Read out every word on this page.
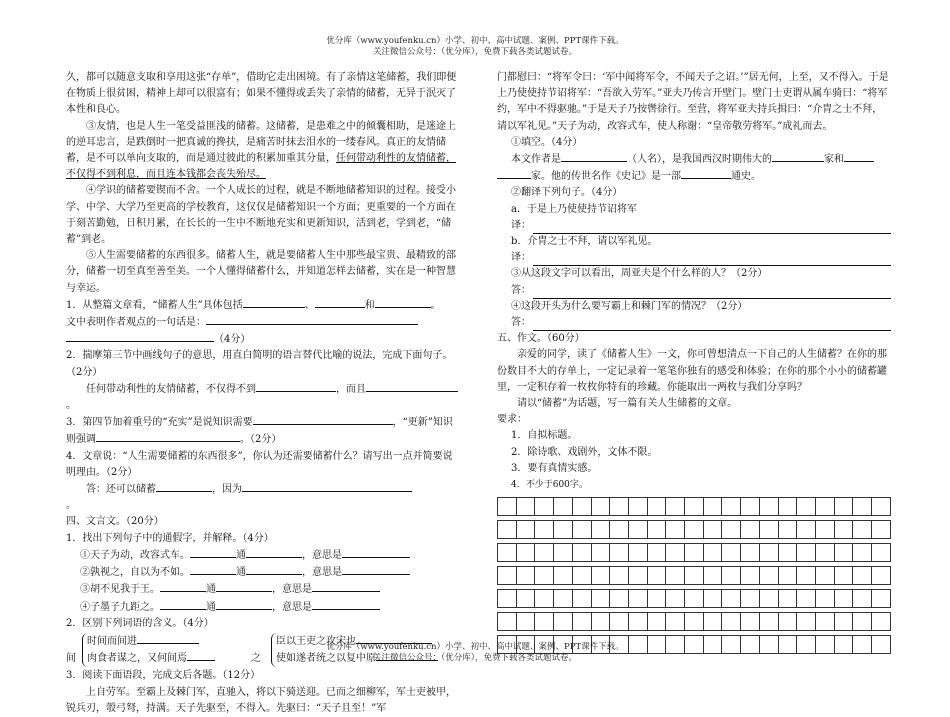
优分库（www.youfenku.cn）小学、初中、高中试题、案例、PPT课件下载。
关注微信公众号：（优分库），免费下载各类试题试卷。

久，都可以随意支取和享用这张“存单”，借助它走出困境。有了亲情这笔储蓄，我们即便在物质上很贫困，精神上却可以很富有；如果不懂得或丢失了亲情的储蓄，无异于泯灭了本性和良心。

③友情，也是人生一笔受益匪浅的储蓄。这储蓄，是患难之中的倾囊相助，是迷途上的逆耳忠言，是跌倒时一把真诚的搀扶，是痛苦时抹去泪水的一缕春风。真正的友情储蓄，是不可以单向支取的，而是通过彼此的积累加重其分量，任何带动利性的友情储蓄，不仅得不到利息，而且连本钱都会丧失殆尽。

④学识的储蓄要锲而不舍。一个人成长的过程，就是不断地储蓄知识的过程。接受小学、中学、大学乃至更高的学校教育，这仅仅是储蓄知识一个方面；更重要的一个方面在于刻苦勤勉，日积月累，在长长的一生中不断地充实和更新知识，活到老，学到老，“储蓄”到老。

⑤人生需要储蓄的东西很多。储蓄人生，就是要储蓄人生中那些最宝贵、最精致的部分，储蓄一切至真至善至美。一个人懂得储蓄什么，并知道怎样去储蓄，实在是一种智慧与幸运。

1．从整篇文章看，“储蓄人生”具体包括	、	和	。

文中表明作者观点的一句话是：

（4分）

2．揣摩第三节中画线句子的意思，用直白简明的语言替代比喻的说法，完成下面句子。（2分）

任何带动利性的友情储蓄，不仅得不到	，而且

。

3．第四节加着重号的“充实”是说知识需要	，“更新”知识则强调	。（2分）

4．文章说：“人生需要储蓄的东西很多”，你认为还需要储蓄什么？请写出一点并简要说明理由。（2分）

答：还可以储蓄	，因为

。

四、文言文。（20分）

1．找出下列句子中的通假字，并解释。（4分）

①天子为动，改容式车。	通	，意思是

②孰视之，自以为不如。	通	，意思是

③胡不见我于王。	通	，意思是

④子墨子九距之。	通	，意思是

2．区别下列词语的含义。（4分）

间
时间而间进
肉食者谋之，又何间焉	之
臣以王吏之攻宋也
使如遂者统之以复中原

3．阅读下面语段，完成文后各题。（12分）

上自劳军。至霸上及棘门军，直驰入，将以下骑送迎。已而之细柳军，军士吏被甲，锐兵刃，彀弓弩，持满。天子先驱至，不得入。先驱曰：“天子且至！”军

门都慰曰：“将军令曰：‘军中闻将军令，不闻天子之诏。’”居无何，上至，又不得入。于是上乃使使持节诏将军：“吾欲入劳军。”亚夫乃传言开壁门。壁门士吏谓从属车骑曰：“将军约，军中不得驱驰。”于是天子乃按辔徐行。至营，将军亚夫持兵揖曰：“介胄之士不拜，请以军礼见。”天子为动，改容式车，使人称谢：“皇帝敬劳将军。”成礼而去。

①填空。（4分）

本文作者是	（人名），是我国西汉时期伟大的	家和

家。他的传世名作《史记》是一部	通史。

②翻译下列句子。（4分）

a．于是上乃使使持节诏将军

译：

b．介胄之士不拜，请以军礼见。

译：

③从这段文字可以看出，周亚夫是个什么样的人？（2分）

答：

④这段开头为什么要写霸上和棘门军的情况？（2分）

答：

五、作文。（60分）

亲爱的同学，读了《储蓄人生》一文，你可曾想清点一下自己的人生储蓄？在你的那份数目不大的存单上，一定记录着一笔笔你独有的感受和体验；在你的那个小小的储蓄罐里，一定积存着一枚枚你特有的珍藏。你能取出一两枚与我们分享吗？

请以“储蓄”为话题，写一篇有关人生储蓄的文章。

要求：

1．自拟标题。

2．除诗歌、戏剧外，文体不限。

3．要有真情实感。

4．不少于600字。

优分库（www.youfenku.cn）小学、初中、高中试题、案例、PPT课件下载。
关注微信公众号：（优分库），免费下载各类试题试卷。
